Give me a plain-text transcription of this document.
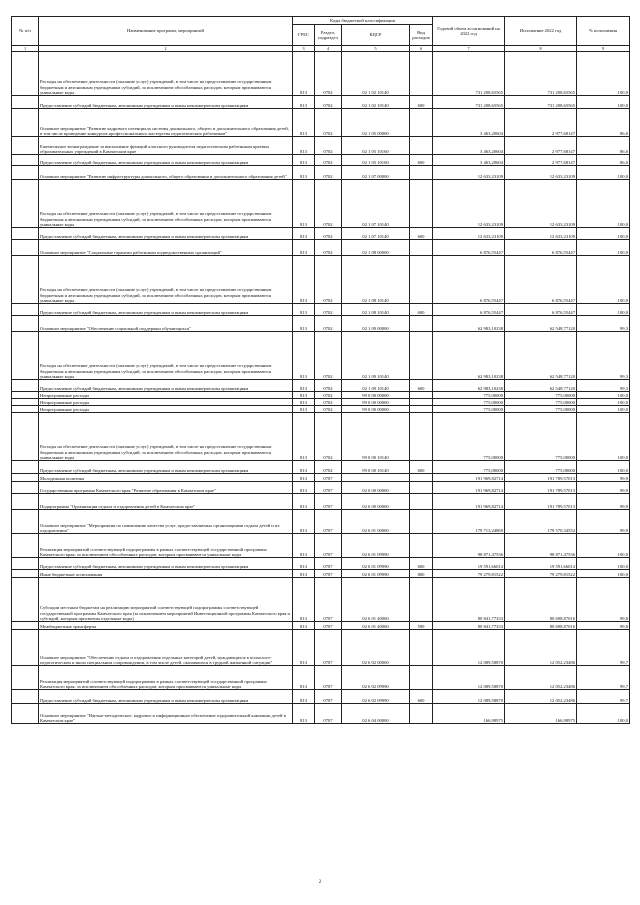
№ п/п	Наименование программ, мероприятий	Коды бюджетной классификации				Годовой объем ассигнований на 2022 год	Исполнение 2022 год	% исполнения
		ГРБС	Раздел, подраздел	КЦСР	Вид расходов			
1	2	3	4	5	6	7	8	9
	Расходы на обеспечение деятельности (оказание услуг) учреждений, в том числе на предоставление государственным бюджетным и автономным учреждениям субсидий, за исключением обособленных расходов, которым присваиваются уникальные коды	813	0702	02 1 02 10140		731 208,65565	731 208,65565	100,0
	Предоставление субсидий бюджетным, автономным учреждениям и иным некоммерческим организациям	813	0702	02 1 02 10140	600	731 208,65565	731 208,65565	100,0
	Основное мероприятие "Развитие кадрового потенциала системы дошкольного, общего и дополнительного образования детей, в том числе проведение конкурсов профессионального мастерства педагогических работников"	813	0702	02 1 05 00000		3 463,20604	2 977,68147	86,0
	Ежемесячное вознаграждение за выполнение функций классного руководителя педагогическим работникам краевых образовательных учреждений в Камчатском крае	813	0702	02 1 05 10160		3 463,20604	2 977,68147	86,0
	Предоставление субсидий бюджетным, автономным учреждениям и иным некоммерческим организациям	813	0702	02 1 05 10160	600	3 463,20604	2 977,68147	86,0
	Основное мероприятие "Развитие инфраструктуры дошкольного, общего образования и дополнительного образования детей"	813	0702	02 1 07 00000		12 633,23109	12 633,23109	100,0
	Расходы на обеспечение деятельности (оказание услуг) учреждений, в том числе на предоставление государственным бюджетным и автономным учреждениям субсидий, за исключением обособленных расходов, которым присваиваются уникальные коды	813	0702	02 1 07 10140		12 633,23109	12 633,23109	100,0
	Предоставление субсидий бюджетным, автономным учреждениям и иным некоммерческим организациям	813	0702	02 1 07 10140	600	12 633,23109	12 633,23109	100,0
	Основное мероприятие "Социальные гарантии работникам подведомственных организаций"	813	0702	02 1 08 00000		6 876,55447	6 876,55447	100,0
	Расходы на обеспечение деятельности (оказание услуг) учреждений, в том числе на предоставление государственным бюджетным и автономным учреждениям субсидий, за исключением обособленных расходов, которым присваиваются уникальные коды	813	0702	02 1 08 10140		6 876,55447	6 876,55447	100,0
	Предоставление субсидий бюджетным, автономным учреждениям и иным некоммерческим организациям	813	0702	02 1 08 10140	600	6 876,55447	6 876,55447	100,0
	Основное мероприятие "Обеспечение социальной поддержки обучающихся"	813	0702	02 1 09 00000		62 983,10238	62 548,77120	99,3
	Расходы на обеспечение деятельности (оказание услуг) учреждений, в том числе на предоставление государственным бюджетным и автономным учреждениям субсидий, за исключением обособленных расходов, которым присваиваются уникальные коды	813	0702	02 1 09 10140		62 983,10238	62 548,77120	99,3
	Предоставление субсидий бюджетным, автономным учреждениям и иным некоммерческим организациям	813	0702	02 1 09 10140	600	62 983,10238	62 548,77120	99,3
	Непрограммные расходы	813	0702	99 0 00 00000		775,00000	775,00000	100,0
	Непрограммные расходы	813	0702	99 0 00 00000		775,00000	775,00000	100,0
	Непрограммные расходы	813	0702	99 0 00 00000		775,00000	775,00000	100,0
	Расходы на обеспечение деятельности (оказание услуг) учреждений, в том числе на предоставление государственным бюджетным и автономным учреждениям субсидий, за исключением обособленных расходов, которым присваиваются уникальные коды	813	0702	99 0 00 10140		775,00000	775,00000	100,0
	Предоставление субсидий бюджетным, автономным учреждениям и иным некоммерческим организациям	813	0702	99 0 00 10140	600	775,00000	775,00000	100,0
	Молодежная политика	813	0707			191 969,82714	191 789,57013	99,9
	Государственная программа Камчатского края "Развитие образования в Камчатском крае"	813	0707	02 0 00 00000		191 969,82714	191 789,57013	99,9
	Подпрограмма "Организация отдыха и оздоровления детей в Камчатском крае"	813	0707	02 6 00 00000		191 969,82714	191 789,57013	99,9
	Основное мероприятие "Мероприятия по повышению качества услуг, предоставляемых организациями отдыха детей и их оздоровления"	813	0707	02 6 01 00000		179 713,24869	179 570,34552	99,9
	Реализация мероприятий соответствующей подпрограммы в рамках соответствующей государственной программы Камчатского края, за исключением обособленных расходов, которым присваиваются уникальные коды	813	0707	02 6 01 09990		98 871,47536	98 871,47536	100,0
	Предоставление субсидий бюджетным, автономным учреждениям и иным некоммерческим организациям	813	0707	02 6 01 09990	600	19 591,66014	19 591,66014	100,0
	Иные бюджетные ассигнования	813	0707	02 6 01 09990	800	79 279,81522	79 279,81522	100,0
	Субсидии местным бюджетам на реализацию мероприятий соответствующей подпрограммы соответствующей государственной программы Камчатского края (за исключением мероприятий Инвестиционной программы Камчатского края и субсидий, которым присвоены отдельные коды)	813	0707	02 6 01 40060		80 841,77333	80 698,87016	99,8
	Межбюджетные трансферты	813	0707	02 6 01 40060	500	80 841,77333	80 698,87016	99,8
	Основное мероприятие "Обеспечение отдыха и оздоровления отдельных категорий детей, нуждающихся в психолого-педагогическом и ином специальном сопровождении, в том числе детей, оказавшихся в трудной жизненной ситуации"	813	0707	02 6 02 00000		12 089,58870	12 052,23486	99,7
	Реализация мероприятий соответствующей подпрограммы в рамках соответствующей государственной программы Камчатского края, за исключением обособленных расходов, которым присваиваются уникальные коды	813	0707	02 6 02 09990		12 089,58870	12 052,23486	99,7
	Предоставление субсидий бюджетным, автономным учреждениям и иным некоммерческим организациям	813	0707	02 6 02 09990	600	12 089,58870	12 052,23486	99,7
	Основное мероприятие "Научно-методическое, кадровое и информационное обеспечение оздоровительной кампании детей в Камчатском крае"	813	0707	02 6 04 00000		166,98975	166,98975	100,0
2
